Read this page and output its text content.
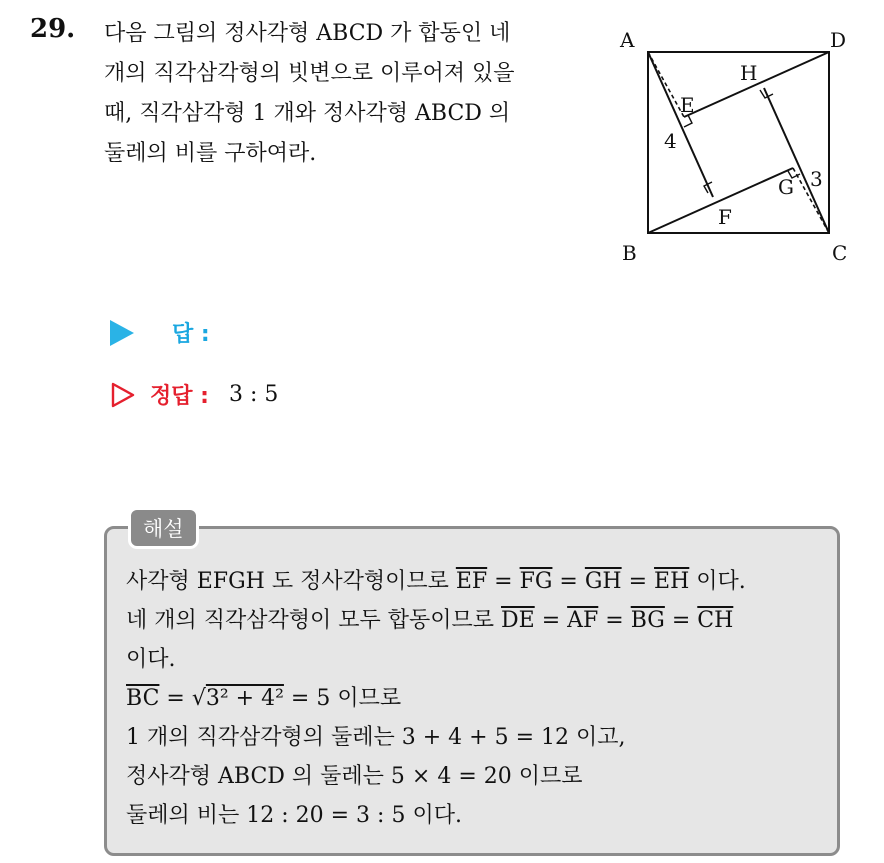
29. 다음 그림의 정사각형 ABCD 가 합동인 네
개의 직각삼각형의 빗변으로 이루어져 있을
때, 직각삼각형 1 개와 정사각형 ABCD 의
둘레의 비를 구하여라.
A	D
B	C
H
E
F
G
4
3
답 :
정답 : 3 : 5
해설
사각형 EFGH 도 정사각형이므로 $\overline{EF} = \overline{FG} = \overline{GH} = \overline{EH}$ 이다.
네 개의 직각삼각형이 모두 합동이므로 $\overline{DE} = \overline{AF} = \overline{BG} = \overline{CH}$
이다.
$\overline{BC} = √3^2 + 4^2 = 5$ 이므로
1 개의 직각삼각형의 둘레는 3 + 4 + 5 = 12 이고,
정사각형 ABCD 의 둘레는 5 × 4 = 20 이므로
둘레의 비는 12 : 20 = 3 : 5 이다.
